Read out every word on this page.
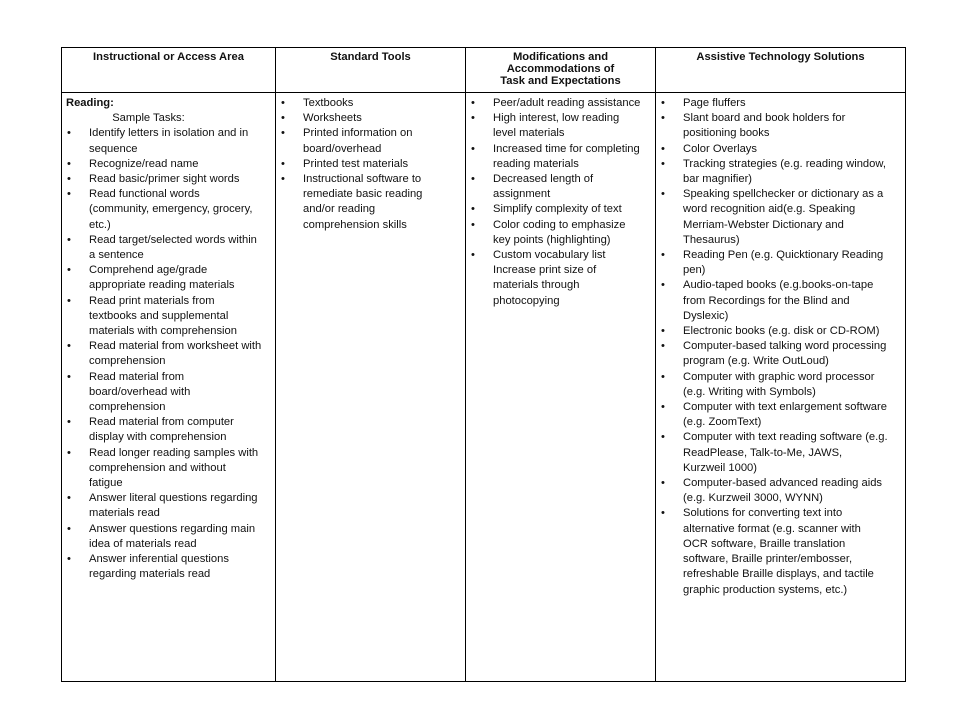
Instructional or Access Area	Standard Tools	Modifications and
Accommodations of
Task and Expectations
Assistive Technology Solutions
Reading:
Sample Tasks:
• Identify letters in isolation and in
sequence
• Recognize/read name
• Read basic/primer sight words
• Read functional words
(community, emergency, grocery,
etc.)
• Read target/selected words within
a sentence
• Comprehend age/grade
appropriate reading materials
• Read print materials from
textbooks and supplemental
materials with comprehension
• Read material from worksheet with
comprehension
• Read material from
board/overhead with
comprehension
• Read material from computer
display with comprehension
• Read longer reading samples with
comprehension and without
fatigue
• Answer literal questions regarding
materials read
• Answer questions regarding main
idea of materials read
• Answer inferential questions
regarding materials read
• Textbooks
• Worksheets
• Printed information on
board/overhead
• Printed test materials
• Instructional software to
remediate basic reading
and/or reading
comprehension skills
• Peer/adult reading assistance
• High interest, low reading
level materials
• Increased time for completing
reading materials
• Decreased length of
assignment
• Simplify complexity of text
• Color coding to emphasize
key points (highlighting)
• Custom vocabulary list
Increase print size of
materials through
photocopying
• Page fluffers
• Slant board and book holders for
positioning books
• Color Overlays
• Tracking strategies (e.g. reading window,
bar magnifier)
• Speaking spellchecker or dictionary as a
word recognition aid(e.g. Speaking
Merriam-Webster Dictionary and
Thesaurus)
• Reading Pen (e.g. Quicktionary Reading
pen)
• Audio-taped books (e.g.books-on-tape
from Recordings for the Blind and
Dyslexic)
• Electronic books (e.g. disk or CD-ROM)
• Computer-based talking word processing
program (e.g. Write OutLoud)
• Computer with graphic word processor
(e.g. Writing with Symbols)
• Computer with text enlargement software
(e.g. ZoomText)
• Computer with text reading software (e.g.
ReadPlease, Talk-to-Me, JAWS,
Kurzweil 1000)
• Computer-based advanced reading aids
(e.g. Kurzweil 3000, WYNN)
• Solutions for converting text into
alternative format (e.g. scanner with
OCR software, Braille translation
software, Braille printer/embosser,
refreshable Braille displays, and tactile
graphic production systems, etc.)
